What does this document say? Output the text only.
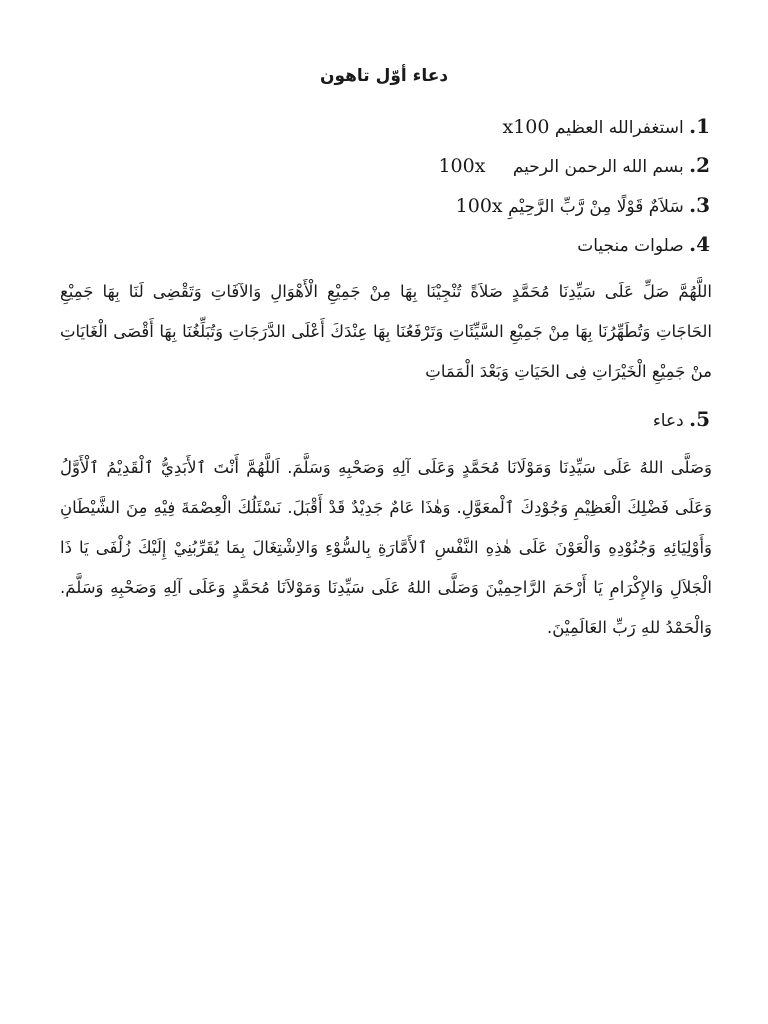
دعاء أوّل تاهون
1. استغفرالله العظيم x100
2. بسم الله الرحمن الرحيم 100x
3. سَلاَمٌ قَوْلًا مِنْ رَّبِّ الرَّحِيْمِ 100x
4. صلوات منجيات
اللَّهُمَّ صَلِّ عَلَى سَيِّدِنَا مُحَمَّدٍ صَلاَةً تُنْجِيْنَا بِهَا مِنْ جَمِيْعِ الْأَهْوَالِ وَالآفَاتِ وَتَقْضِى لَنَا بِهَا جَمِيْعِ الحَاجَاتِ وَتُطَهِّرُنَا بِهَا مِنْ جَمِيْعِ السَّيِّئَاتِ وَتَرْفَعُنَا بِهَا عِنْدَكَ أَعْلَى الدَّرَجَاتِ وَتُبَلِّغُنَا بِهَا أَقْصَى الْغَايَاتِ منْ جَمِيْعِ الْخَيْرَاتِ فِى الحَيَاتِ وَبَعْدَ الْمَمَاتِ
5. دعاء
وَصَلَّى اللهُ عَلَى سَيِّدِنَا وَمَوْلَانَا مُحَمَّدٍ وَعَلَى آلِهِ وَصَحْبِهِ وَسَلَّمَ. اَللَّهُمَّ أَنْتَ ٱلأَبَدِيُّ ٱلْقَدِيْمُ ٱلْأَوَّلُ وَعَلَى فَضْلِكَ الْعَظِيْمِ وَجُوْدِكَ ٱلْمعَوَّلِ. وَهٰذَا عَامٌ جَدِيْدٌ قَدْ أَقْبَلَ. نَسْئَلُكَ الْعِصْمَةَ فِيْهِ مِنَ الشَّيْطَانِ وَأَوْلِيَائِهِ وَجُنُوْدِهِ وَالْعَوْنَ عَلَى هٰذِهِ النَّفْسِ ٱلأَمَّارَةِ بِالسُّوْءِ وَالاِشْتِغَالَ بِمَا يُقَرِّبُنِيْ إِلَيْكَ زُلْفَى يَا ذَا الْجَلاَلِ وَالإِكْرَامِ يَا أَرْحَمَ الرَّاحِمِيْنَ وَصَلَّى اللهُ عَلَى سَيِّدِنَا وَمَوْلاَنَا مُحَمَّدٍ وَعَلَى آلِهِ وَصَحْبِهِ وَسَلَّمَ. وَالْحَمْدُ للهِ رَبِّ العَالَمِيْنَ.
